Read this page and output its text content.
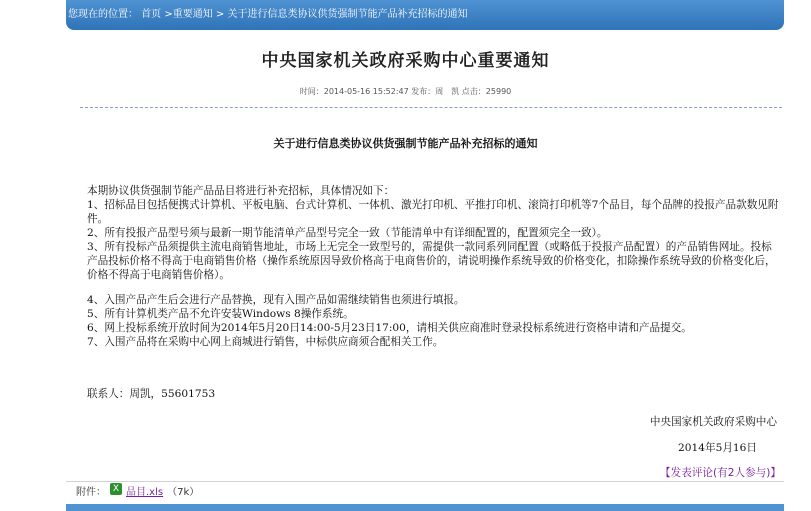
您现在的位置： 首页 >重要通知 > 关于进行信息类协议供货强制节能产品补充招标的通知
中央国家机关政府采购中心重要通知
时间：2014-05-16 15:52:47 发布：周　凯 点击：25990
关于进行信息类协议供货强制节能产品补充招标的通知

本期协议供货强制节能产品品目将进行补充招标，具体情况如下：

1、招标品目包括便携式计算机、平板电脑、台式计算机、一体机、激光打印机、平推打印机、滚筒打印机等7个品目，每个品牌的投报产品款数见附件。

2、所有投报产品型号须与最新一期节能清单产品型号完全一致（节能清单中有详细配置的，配置须完全一致）。

3、所有投标产品须提供主流电商销售地址，市场上无完全一致型号的，需提供一款同系列同配置（或略低于投报产品配置）的产品销售网址。投标产品投标价格不得高于电商销售价格（操作系统原因导致价格高于电商售价的，请说明操作系统导致的价格变化，扣除操作系统导致的价格变化后，价格不得高于电商销售价格）。

4、入围产品产生后会进行产品替换，现有入围产品如需继续销售也须进行填报。

5、所有计算机类产品不允许安装Windows 8操作系统。

6、网上投标系统开放时间为2014年5月20日14:00-5月23日17:00，请相关供应商准时登录投标系统进行资格申请和产品提交。

7、入围产品将在采购中心网上商城进行销售，中标供应商须合配相关工作。

联系人：周凯，55601753
中央国家机关政府采购中心
2014年5月16日
【发表评论(有2人参与)】
附件： X 品目.xls （7k）
